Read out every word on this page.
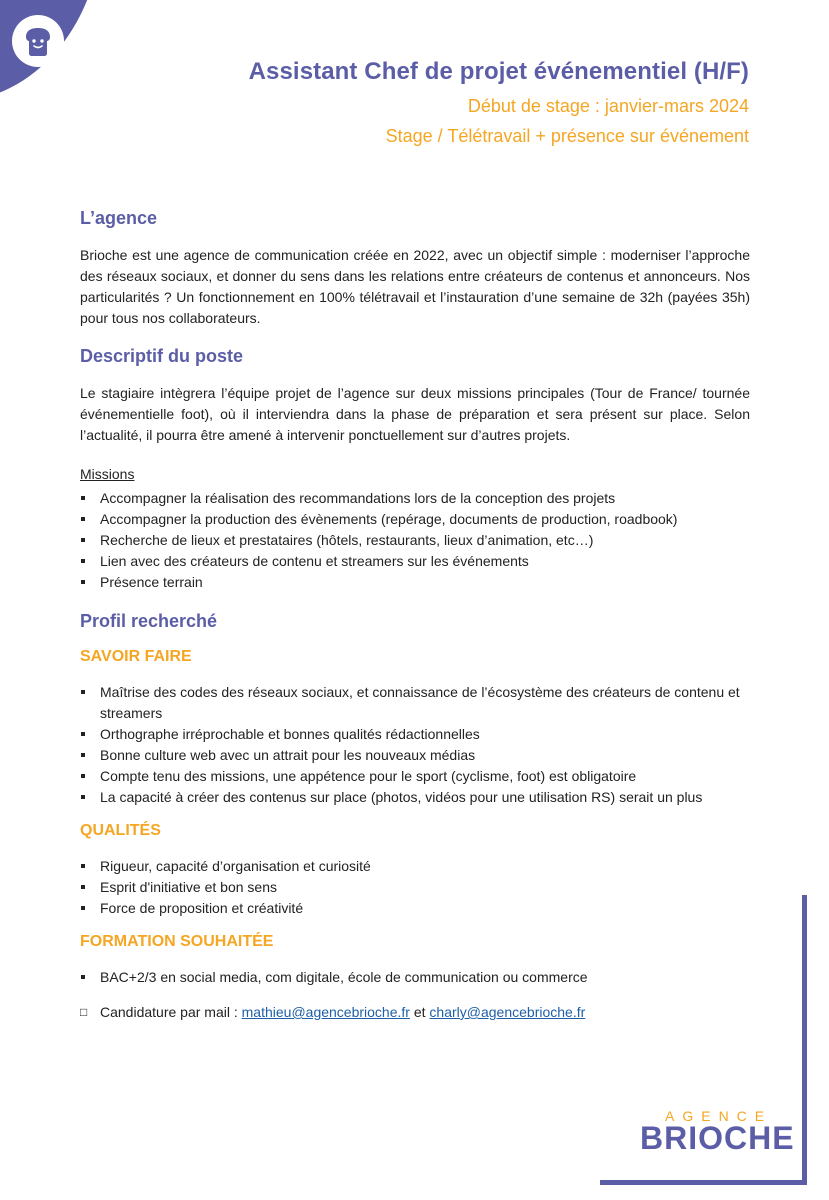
Assistant Chef de projet événementiel (H/F)
Début de stage : janvier-mars 2024
Stage / Télétravail + présence sur événement
L’agence

Brioche est une agence de communication créée en 2022, avec un objectif simple : moderniser l’approche des réseaux sociaux, et donner du sens dans les relations entre créateurs de contenus et annonceurs. Nos particularités ? Un fonctionnement en 100% télétravail et l’instauration d’une semaine de 32h (payées 35h) pour tous nos collaborateurs.

Descriptif du poste

Le stagiaire intègrera l’équipe projet de l’agence sur deux missions principales (Tour de France/ tournée événementielle foot), où il interviendra dans la phase de préparation et sera présent sur place. Selon l’actualité, il pourra être amené à intervenir ponctuellement sur d’autres projets.

Missions
Accompagner la réalisation des recommandations lors de la conception des projets
Accompagner la production des évènements (repérage, documents de production, roadbook)
Recherche de lieux et prestataires (hôtels, restaurants, lieux d’animation, etc…)
Lien avec des créateurs de contenu et streamers sur les événements
Présence terrain
Profil recherché
SAVOIR FAIRE
Maîtrise des codes des réseaux sociaux, et connaissance de l’écosystème des créateurs de contenu et streamers
Orthographe irréprochable et bonnes qualités rédactionnelles
Bonne culture web avec un attrait pour les nouveaux médias
Compte tenu des missions, une appétence pour le sport (cyclisme, foot) est obligatoire
La capacité à créer des contenus sur place (photos, vidéos pour une utilisation RS) serait un plus
QUALITÉS
Rigueur, capacité d’organisation et curiosité
Esprit d'initiative et bon sens
Force de proposition et créativité
FORMATION SOUHAITÉE
BAC+2/3 en social media, com digitale, école de communication ou commerce
□ Candidature par mail : mathieu@agencebrioche.fr et charly@agencebrioche.fr
AGENCE
BRIOCHE
